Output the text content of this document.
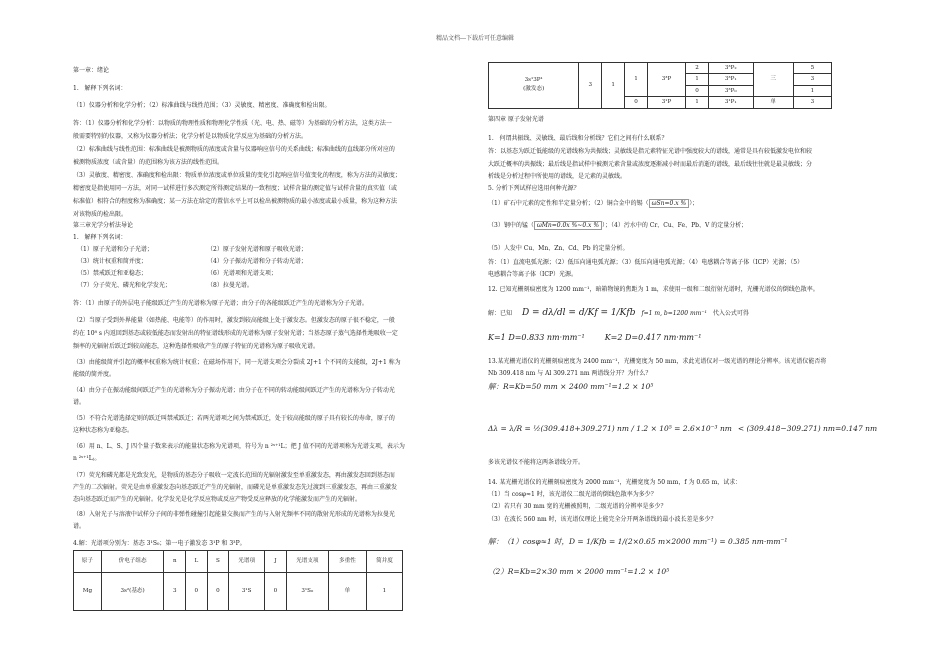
精品文档---下载后可任意编辑

第一章：绪论

1.   解释下列名词：

（1）仪器分析和化学分析；（2）标准曲线与线性范围；（3）灵敏度、精密度、准确度和检出限。

答：（1）仪器分析和化学分析：以物质的物理性质和物理化学性质（光、电、热、磁等）为基础的分析方法，这类方法一

般需要特别的仪器，又称为仪器分析法；化学分析是以物质化学反应为基础的分析方法。

（2）标准曲线与线性范围：标准曲线是被测物质的浓度或含量与仪器响应信号的关系曲线；标准曲线的直线部分所对应的

被测物质浓度（或含量）的范围称为该方法的线性范围。

（3）灵敏度、精密度、准确度和检出限：物质单位浓度或单位质量的变化引起响应信号值变化的程度，称为方法的灵敏度；

精密度是指使用同一方法，对同一试样进行多次测定所得测定结果的一致程度；试样含量的测定值与试样含量的真实值（或

标准值）相符合的程度称为准确度；某一方法在给定的置信水平上可以检出被测物质的最小浓度或最小质量，称为这种方法

对该物质的检出限。

第三章光学分析法导论

1.   解释下列名词：

（1）原子光谱和分子光谱；	（2）原子发射光谱和原子吸收光谱；

（3）统计权重和简并度；	（4）分子振动光谱和分子转动光谱；

（5）禁戒跃迁和亚稳态；	（6）光谱项和光谱支项；

（7）分子荧光、磷光和化学发光；	（8）拉曼光谱。

答：（1）由原子的外层电子能级跃迁产生的光谱称为原子光谱；由分子的各能级跃迁产生的光谱称为分子光谱。

（2）当原子受到外界能量（如热能、电能等）的作用时，激发到较高能级上处于激发态。但激发态的原子很不稳定，一般

约在 10⁸ s 内返回到基态或较低能态而发射出的特征谱线形成的光谱称为原子发射光谱；当基态原子蒸气选择性地吸收一定

频率的光辐射后跃迁到较高能态，这种选择性吸收产生的原子特征的光谱称为原子吸收光谱。

（3）由能级简并引起的概率权重称为统计权重；在磁场作用下，同一光谱支项会分裂成 2J+1 个不同的支能级，2J+1 称为

能级的简并度。

（4）由分子在振动能级间跃迁产生的光谱称为分子振动光谱；由分子在不同的转动能级间跃迁产生的光谱称为分子转动光

谱。

（5）不符合光谱选择定则的跃迁叫禁戒跃迁；若两光谱项之间为禁戒跃迁，处于较高能级的原子具有较长的寿命，原子的

这种状态称为亚稳态。

（6）用 n、L、S、J 四个量子数来表示的能量状态称为光谱项，符号为 n ²ˢ⁺¹L；把 J 值不同的光谱项称为光谱支项，表示为

n ²ˢ⁺¹Lⱼ。

（7）荧光和磷光都是光致发光，是物质的基态分子吸收一定波长范围的光辐射激发至单重激发态，再由激发态回到基态而

产生的二次辐射。荧光是由单重激发态向基态跃迁产生的光辐射，而磷光是单重激发态先过渡到三重激发态，再由三重激发

态向基态跃迁而产生的光辐射。化学发光是化学反应物或反应产物受反应释放的化学能激发而产生的光辐射。

（8）入射光子与溶液中试样分子间的非弹性碰撞引起能量交换而产生的与入射光频率不同的散射光形成的光谱称为拉曼光

谱。

4.解：光谱项分别为：基态 3¹S₀；第一电子激发态 3¹P 和 3³P。

原子	价电子组态	n	L	S	光谱项	J	光谱支项	多重性	简并度
Mg	3s²(基态)	3	0	0	3¹S	0	3¹S₀	单	1
3s¹3P¹
(激发态)	3	1	1	3³P	2	3³P₂	三	5
					1	3³P₁		3
					0	3³P₀		1
			0	3¹P	1	3¹P₁	单	3

第四章 原子发射光谱

1.   何谓共振线、灵敏线、最后线和分析线？它们之间有什么联系？

答：以基态为跃迁低能级的光谱线称为共振线；灵敏线是指元素特征光谱中强度较大的谱线，通常是具有较低激发电位和较

大跃迁概率的共振线；最后线是指试样中被测元素含量或浓度逐渐减小时而最后消逝的谱线，最后线往往就是最灵敏线；分

析线是分析过程中所使用的谱线，是元素的灵敏线。

5. 分析下列试样应选用何种光源？

（1）矿石中元素的定性和半定量分析；（2）铜合金中的锡（ ωSn=0.x % ）；

（3）钢中的锰（ ωMn=0.0x %~0.x % ）；（4）污水中的 Cr、Cu、Fe、Pb、V 的定量分析；

（5）人发中 Cu、Mn、Zn、Cd、Pb 的定量分析。

答：（1）直流电弧光源；（2）低压向通电弧光源；（3）低压向通电弧光源；（4）电感耦合等离子体（ICP）光源；（5）

电感耦合等离子体（ICP）光源。

12. 已知光栅刻痕密度为 1200 mm⁻¹，暗箱物镜的焦距为 1 m，求使用一级和二级衍射光谱时，光栅光谱仪的倒线色散率。

解：已知 D = dλ/dl = d/Kf = 1/Kfb f=1 m, b=1200 mm⁻¹ 代入公式可得

K=1 D=0.833 nm·mm⁻¹ K=2 D=0.417 nm·mm⁻¹

13.某光栅光谱仪的光栅刻痕密度为 2400 mm⁻¹，光栅宽度为 50 mm，求此光谱仪对一级光谱的理论分辨率。该光谱仪能否将

Nb 309.418 nm 与 Al 309.271 nm 两谱线分开？为什么？

解：R=Kb=50 mm × 2400 mm⁻¹=1.2 × 10⁵

Δλ = λ/R = ½(309.418+309.271) nm / 1.2 × 10⁵ = 2.6×10⁻³ nm < (309.418−309.271) nm=0.147 nm

多该光谱仪不能将这两条谱线分开。

14. 某光栅光谱仪的光栅刻痕密度为 2000 mm⁻¹，光栅宽度为 50 mm，f 为 0.65 m，试求：

（1）当 cosφ≈1 时，该光谱仪二级光谱的倒线色散率为多少？

（2）若只有 30 mm 宽的光栅被照明，二级光谱的分辨率是多少？

（3）在波长 560 nm 时，该光谱仪理论上能完全分开两条谱线的最小波长差是多少？

解：（1）cosφ≈1 时，D = 1/Kfb = 1/(2×0.65 m×2000 mm⁻¹) = 0.385 nm·mm⁻¹

（2）R=Kb=2×30 mm × 2000 mm⁻¹=1.2 × 10⁵
